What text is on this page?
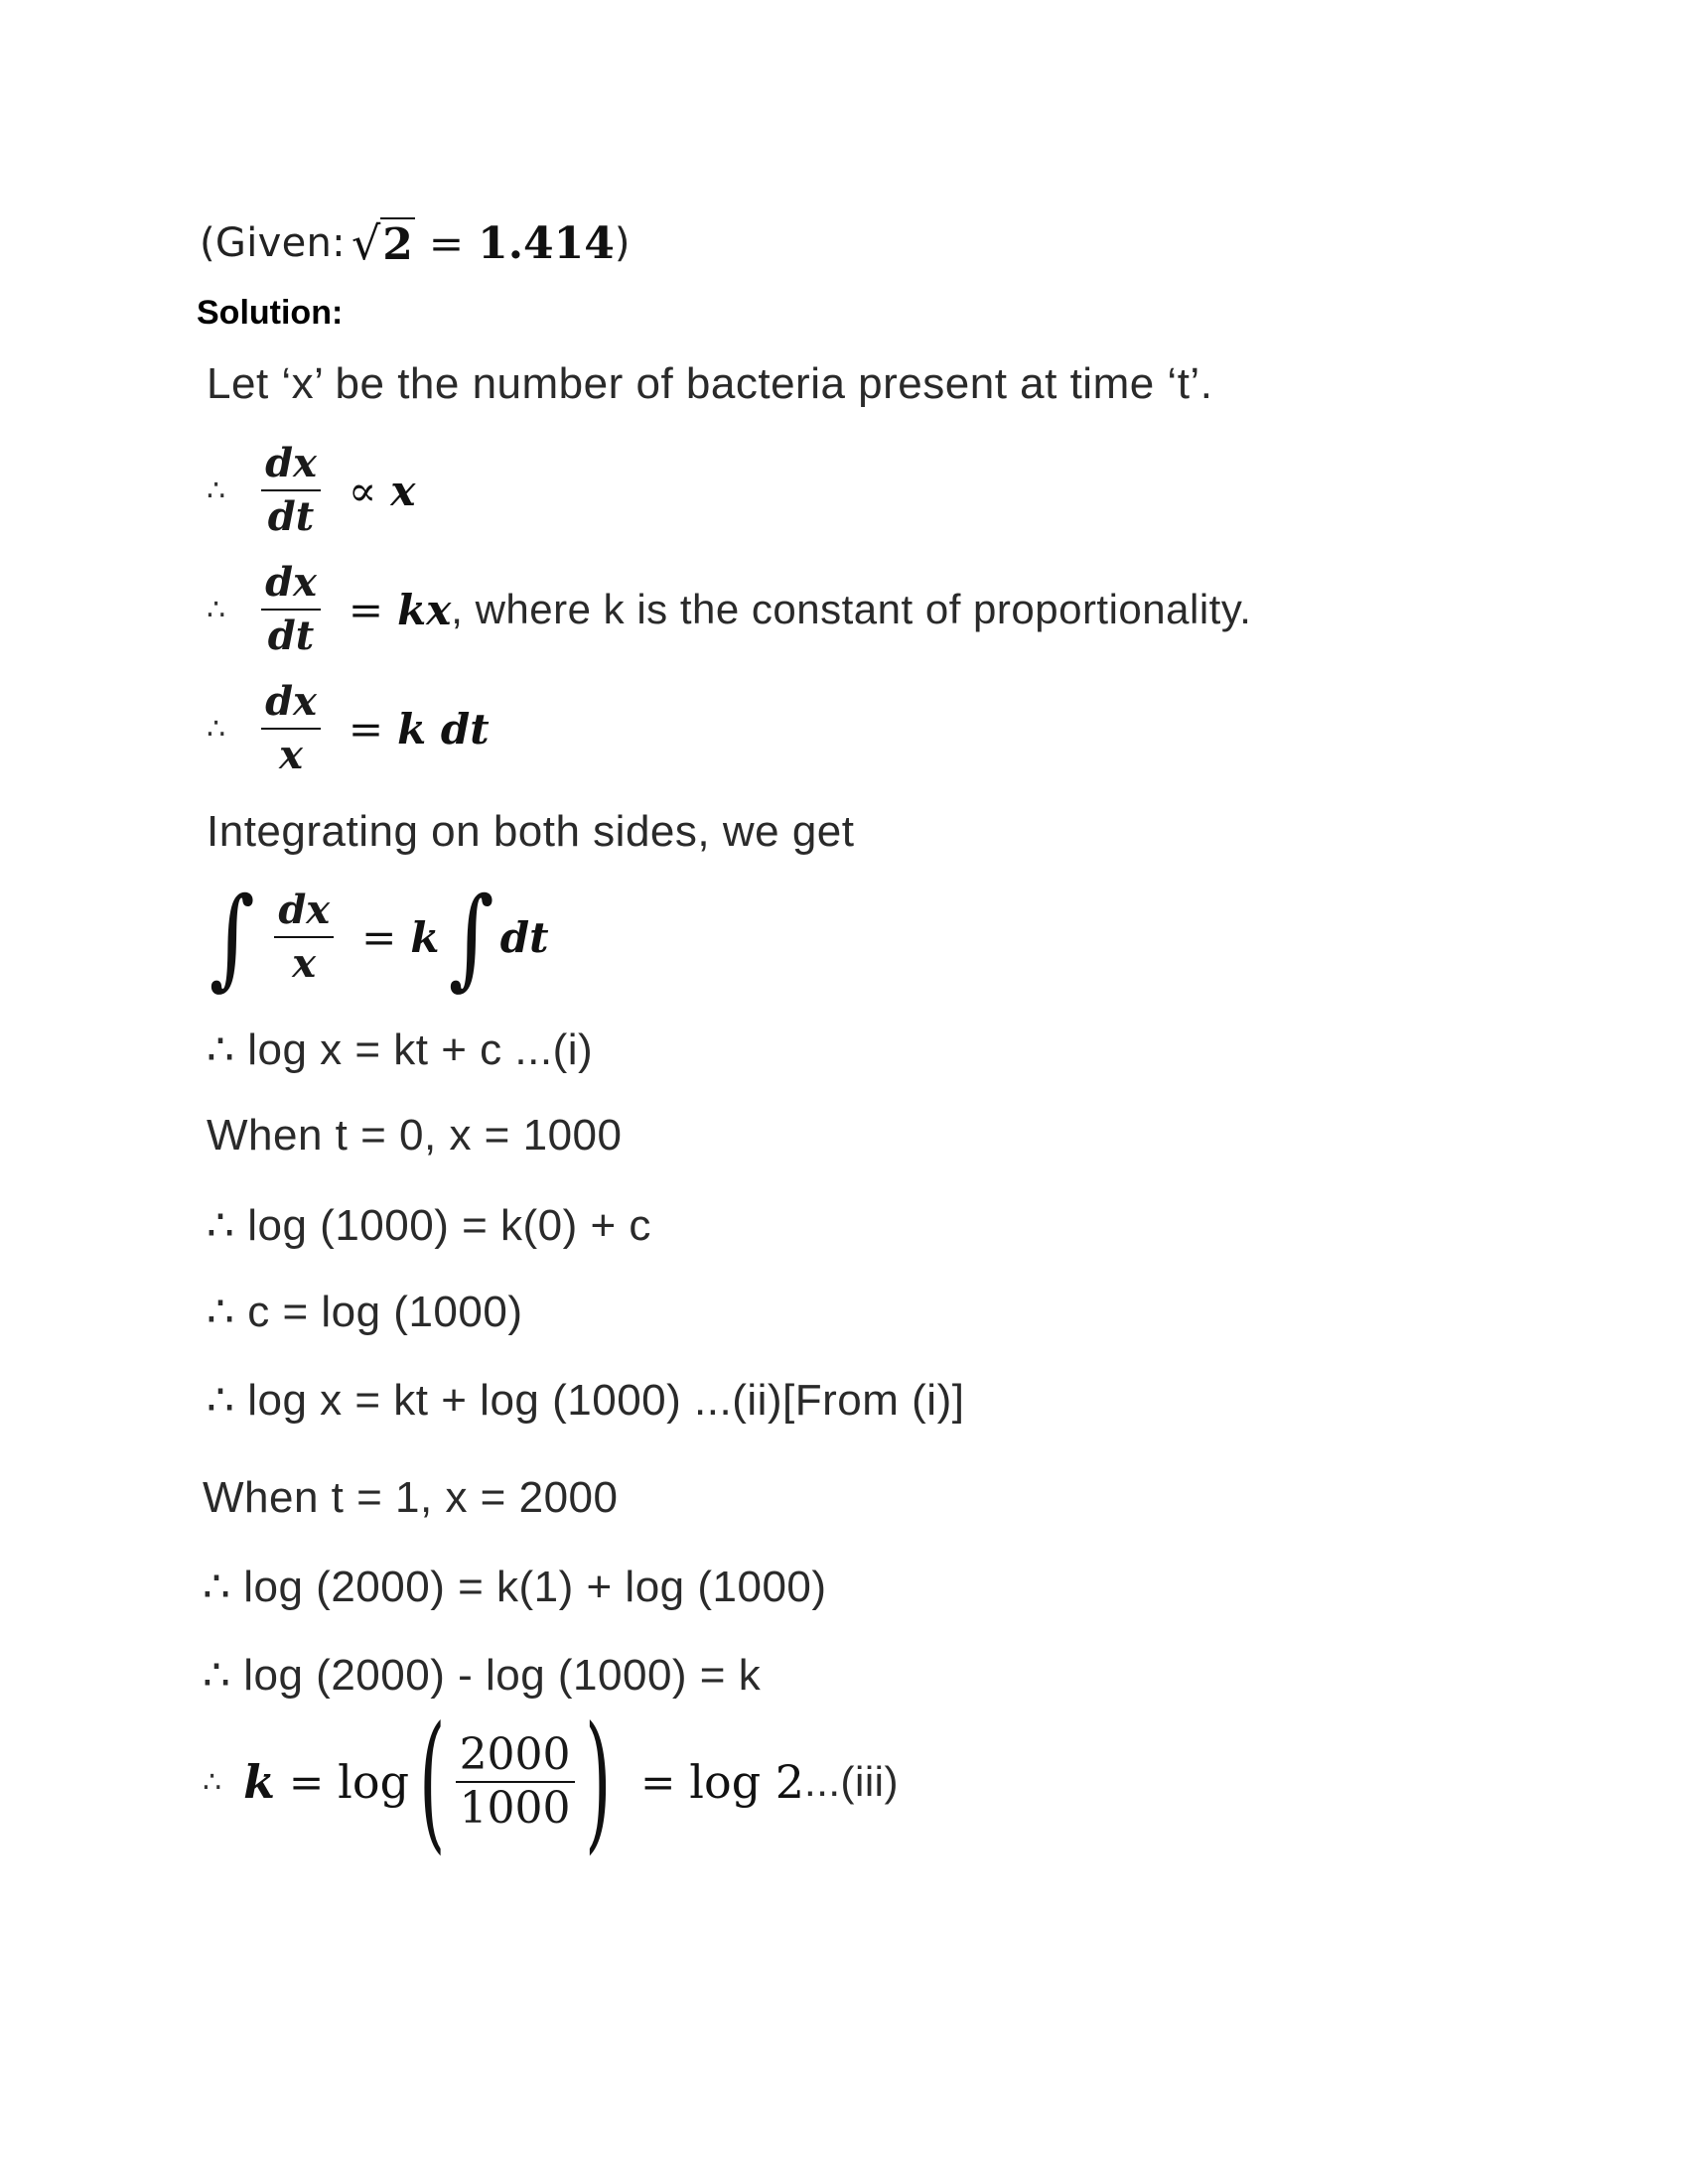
(Given: √ 2 = 1.414 )
Solution:
Let ‘x’ be the number of bacteria present at time ‘t’.
∴ $\frac{dx}{dt} \propto x$
∴ $\frac{dx}{dt}$ = kx , where k is the constant of proportionality.
∴ $\frac{dx}{x} = k$ dt
Integrating on both sides, we get
∫ $\frac{dx}{x} = k$ ∫ dt
∴ log x = kt + c ...(i)
When t = 0, x = 1000
∴ log (1000) = k(0) + c
∴ c = log (1000)
∴ log x = kt + log (1000) ...(ii)[From (i)]
When t = 1, x = 2000
∴ log (2000) = k(1) + log (1000)
∴ log (2000) - log (1000) = k
∴ k = log ( $\frac{2000}{1000}$ ) = log 2 ...(iii)
